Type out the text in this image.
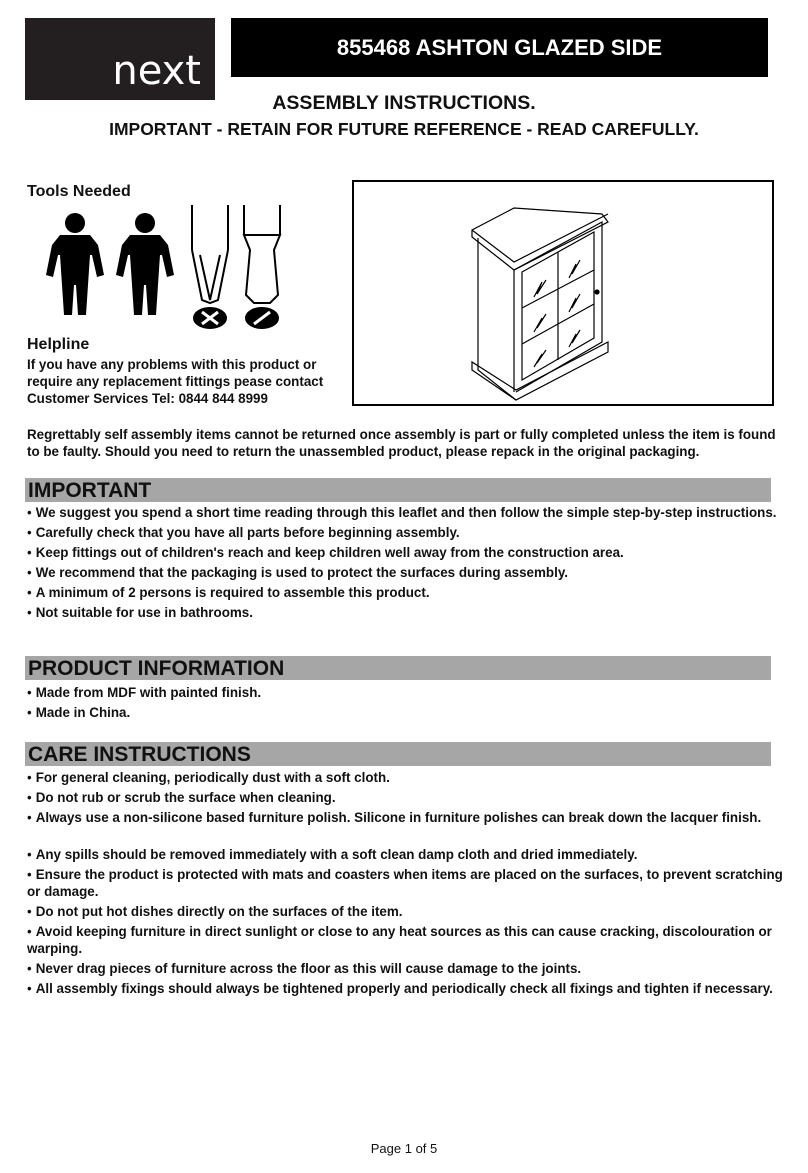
next
855468 ASHTON GLAZED SIDE
ASSEMBLY INSTRUCTIONS.
IMPORTANT - RETAIN FOR FUTURE REFERENCE - READ CAREFULLY.
Tools Needed
Helpline
If you have any problems with this product or
require any replacement fittings pease contact
Customer Services Tel: 0844 844 8999
Regrettably self assembly items cannot be returned once assembly is part or fully completed unless the item is found to be faulty. Should you need to return the unassembled product, please repack in the original packaging.
IMPORTANT
• We suggest you spend a short time reading through this leaflet and then follow the simple step-by-step instructions.
• Carefully check that you have all parts before beginning assembly.
• Keep fittings out of children's reach and keep children well away from the construction area.
• We recommend that the packaging is used to protect the surfaces during assembly.
• A minimum of 2 persons is required to assemble this product.
• Not suitable for use in bathrooms.
PRODUCT INFORMATION
• Made from MDF with painted finish.
• Made in China.
CARE INSTRUCTIONS
• For general cleaning, periodically dust with a soft cloth.
• Do not rub or scrub the surface when cleaning.
• Always use a non-silicone based furniture polish. Silicone in furniture polishes can break down the lacquer finish.
• Any spills should be removed immediately with a soft clean damp cloth and dried immediately.
• Ensure the product is protected with mats and coasters when items are placed on the surfaces, to prevent scratching or damage.
• Do not put hot dishes directly on the surfaces of the item.
• Avoid keeping furniture in direct sunlight or close to any heat sources as this can cause cracking, discolouration or warping.
• Never drag pieces of furniture across the floor as this will cause damage to the joints.
• All assembly fixings should always be tightened properly and periodically check all fixings and tighten if necessary.
Page 1 of 5
